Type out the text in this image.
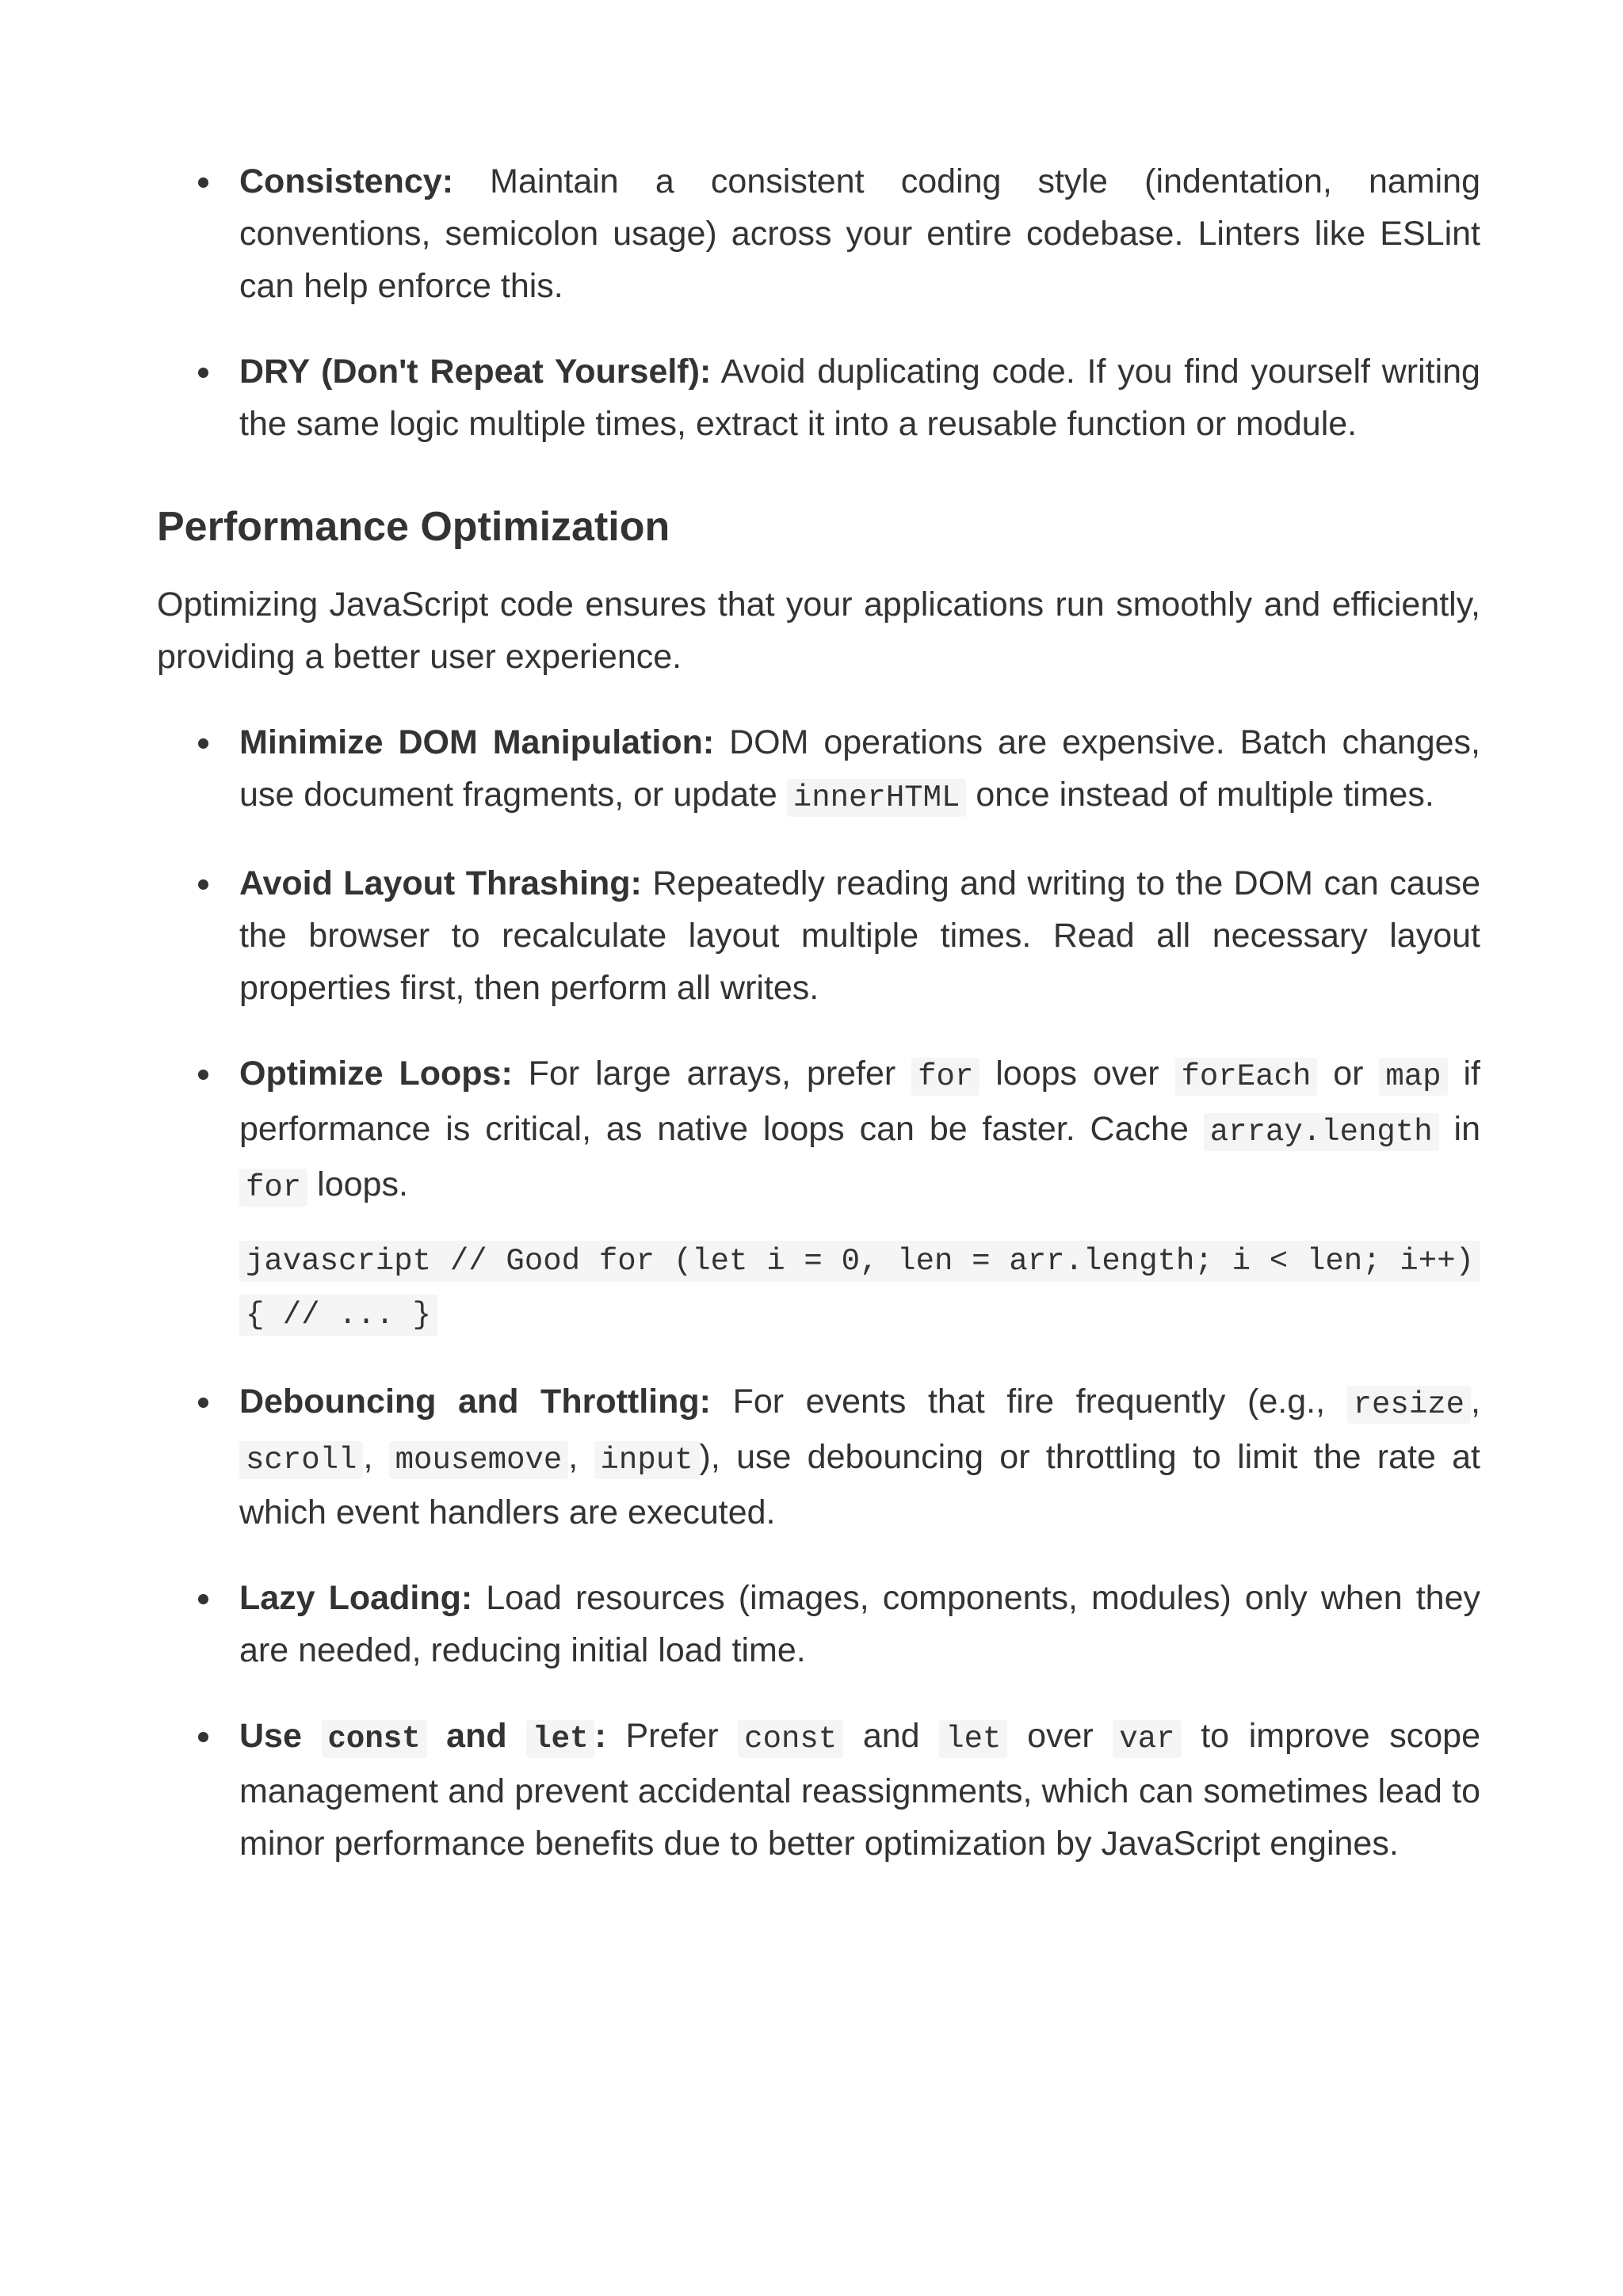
Consistency: Maintain a consistent coding style (indentation, naming conventions, semicolon usage) across your entire codebase. Linters like ESLint can help enforce this.
DRY (Don't Repeat Yourself): Avoid duplicating code. If you find yourself writing the same logic multiple times, extract it into a reusable function or module.
Performance Optimization

Optimizing JavaScript code ensures that your applications run smoothly and efficiently, providing a better user experience.

Minimize DOM Manipulation: DOM operations are expensive. Batch changes, use document fragments, or update innerHTML once instead of multiple times.
Avoid Layout Thrashing: Repeatedly reading and writing to the DOM can cause the browser to recalculate layout multiple times. Read all necessary layout properties first, then perform all writes.
Optimize Loops: For large arrays, prefer for loops over forEach or map if performance is critical, as native loops can be faster. Cache array.length in for loops.
javascript // Good for (let i = 0, len = arr.length; i < len; i++) { // ... }
Debouncing and Throttling: For events that fire frequently (e.g., resize , scroll , mousemove , input ), use debouncing or throttling to limit the rate at which event handlers are executed.
Lazy Loading: Load resources (images, components, modules) only when they are needed, reducing initial load time.
Use const and let : Prefer const and let over var to improve scope management and prevent accidental reassignments, which can sometimes lead to minor performance benefits due to better optimization by JavaScript engines.
